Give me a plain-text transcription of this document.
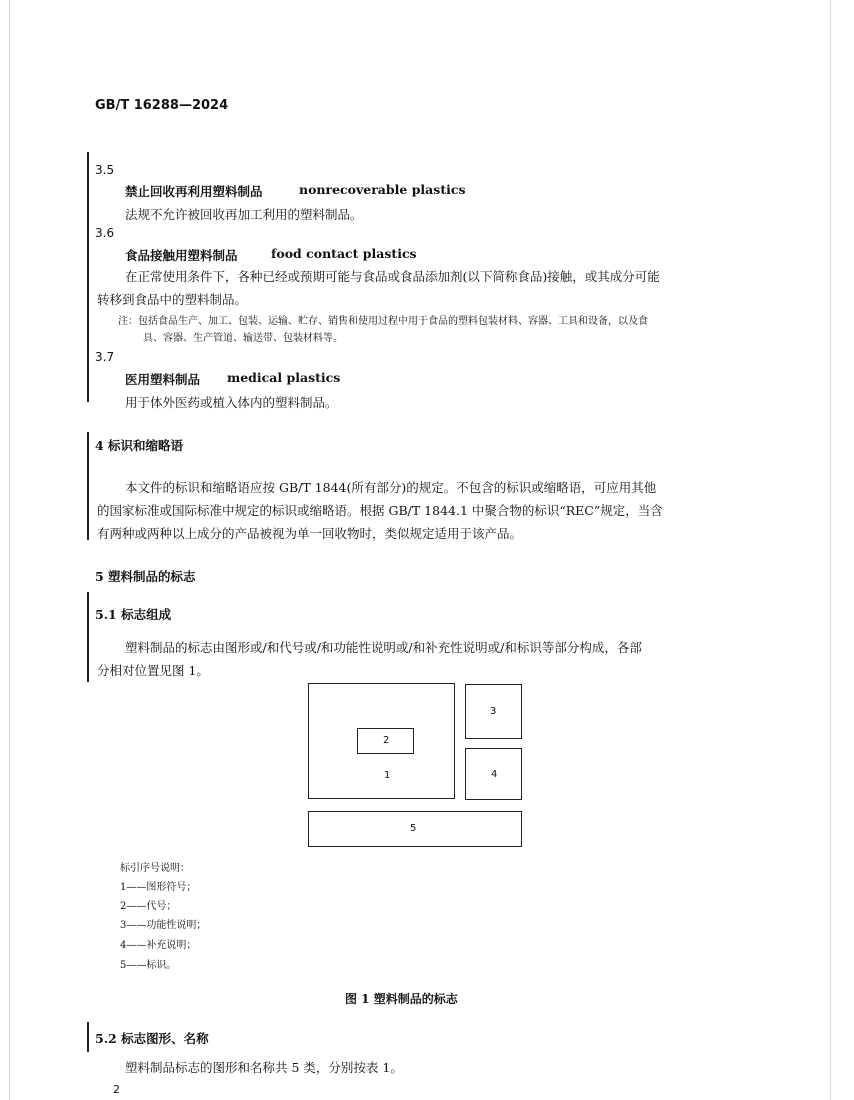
GB/T 16288—2024
3.5
禁止回收再利用塑料制品	nonrecoverable plastics
法规不允许被回收再加工利用的塑料制品。
3.6
食品接触用塑料制品	food contact plastics
在正常使用条件下，各种已经或预期可能与食品或食品添加剂(以下简称食品)接触，或其成分可能
转移到食品中的塑料制品。
注：包括食品生产、加工、包装、运输、贮存、销售和使用过程中用于食品的塑料包装材料、容器、工具和设备，以及食
具、容器、生产管道、输送带、包装材料等。
3.7
医用塑料制品 medical plastics
用于体外医药或植入体内的塑料制品。
4 标识和缩略语
本文件的标识和缩略语应按 GB/T 1844(所有部分)的规定。不包含的标识或缩略语，可应用其他
的国家标准或国际标准中规定的标识或缩略语。根据 GB/T 1844.1 中聚合物的标识“REC”规定，当含
有两种或两种以上成分的产品被视为单一回收物时，类似规定适用于该产品。
5 塑料制品的标志
5.1 标志组成
塑料制品的标志由图形或/和代号或/和功能性说明或/和补充性说明或/和标识等部分构成，各部
分相对位置见图 1。
1
2
3
4
5
标引序号说明：
1——图形符号；
2——代号；
3——功能性说明；
4——补充说明；
5——标识。
图 1 塑料制品的标志
5.2 标志图形、名称
塑料制品标志的图形和名称共 5 类，分别按表 1。
2
